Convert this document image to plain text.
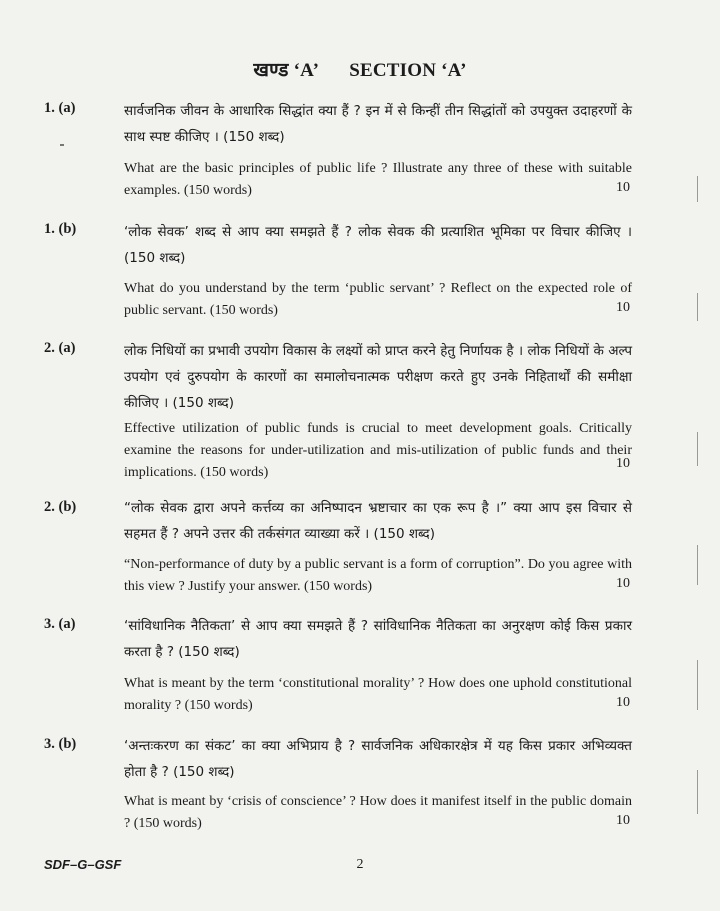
खण्ड ‘A’ SECTION ‘A’
1. (a)	सार्वजनिक जीवन के आधारिक सिद्धांत क्या हैं ? इन में से किन्हीं तीन सिद्धांतों को उपयुक्त उदाहरणों के साथ स्पष्ट कीजिए । (150 शब्द)
What are the basic principles of public life ? Illustrate any three of these with suitable examples. (150 words)	10
1. (b)	‘लोक सेवक’ शब्द से आप क्या समझते हैं ? लोक सेवक की प्रत्याशित भूमिका पर विचार कीजिए । (150 शब्द)
What do you understand by the term ‘public servant’ ? Reflect on the expected role of public servant. (150 words)	10
2. (a)	लोक निधियों का प्रभावी उपयोग विकास के लक्ष्यों को प्राप्त करने हेतु निर्णायक है । लोक निधियों के अल्प उपयोग एवं दुरुपयोग के कारणों का समालोचनात्मक परीक्षण करते हुए उनके निहितार्थों की समीक्षा कीजिए । (150 शब्द)
Effective utilization of public funds is crucial to meet development goals. Critically examine the reasons for under-utilization and mis-utilization of public funds and their implications. (150 words)
10
2. (b)	“लोक सेवक द्वारा अपने कर्त्तव्य का अनिष्पादन भ्रष्टाचार का एक रूप है ।” क्या आप इस विचार से सहमत हैं ? अपने उत्तर की तर्कसंगत व्याख्या करें । (150 शब्द)
“Non-performance of duty by a public servant is a form of corruption”. Do you agree with this view ? Justify your answer. (150 words)	10
3. (a)	‘सांविधानिक नैतिकता’ से आप क्या समझते हैं ? सांविधानिक नैतिकता का अनुरक्षण कोई किस प्रकार करता है ? (150 शब्द)
What is meant by the term ‘constitutional morality’ ? How does one uphold constitutional morality ? (150 words)	10
3. (b)	‘अन्तःकरण का संकट’ का क्या अभिप्राय है ? सार्वजनिक अधिकारक्षेत्र में यह किस प्रकार अभिव्यक्त होता है ? (150 शब्द)
What is meant by ‘crisis of conscience’ ? How does it manifest itself in the public domain ? (150 words)	10
SDF–G–GSF	2
